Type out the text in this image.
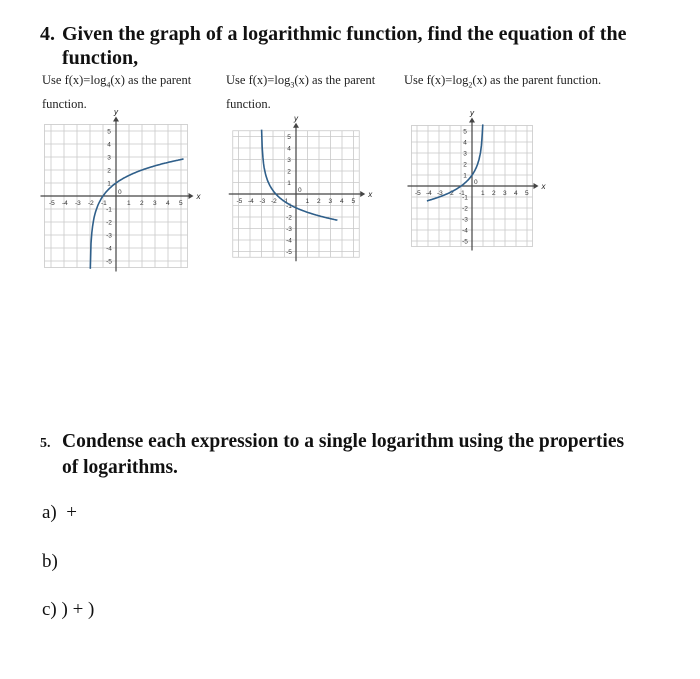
4. Given the graph of a logarithmic function, find the equation of the
function,
Use $f(x)=\log_4(x)$ as the parent
function.
Use $f(x)=\log_3(x)$ as the parent
function.
Use $f(x)=\log_2(x)$ as the parent function.
x
y
-5 -4 -3 -2 -1	1 2 3 4 5
5
4
3
2
1
-1
-2
-3
-4
-5
0	x
y
-5 -4 -3 -2 -1	1 2 3 4 5
5
4
3
2
1
-1
-2
-3
-4
-5
0	x
y
-5 -4 -3 -2 -1 1 2 3 4 5
5
4
3
2
1
-1
-2
-3
-4
-5
0
5. Condense each expression to a single logarithm using the properties
of logarithms.
a) +
b)
c) ) + )
